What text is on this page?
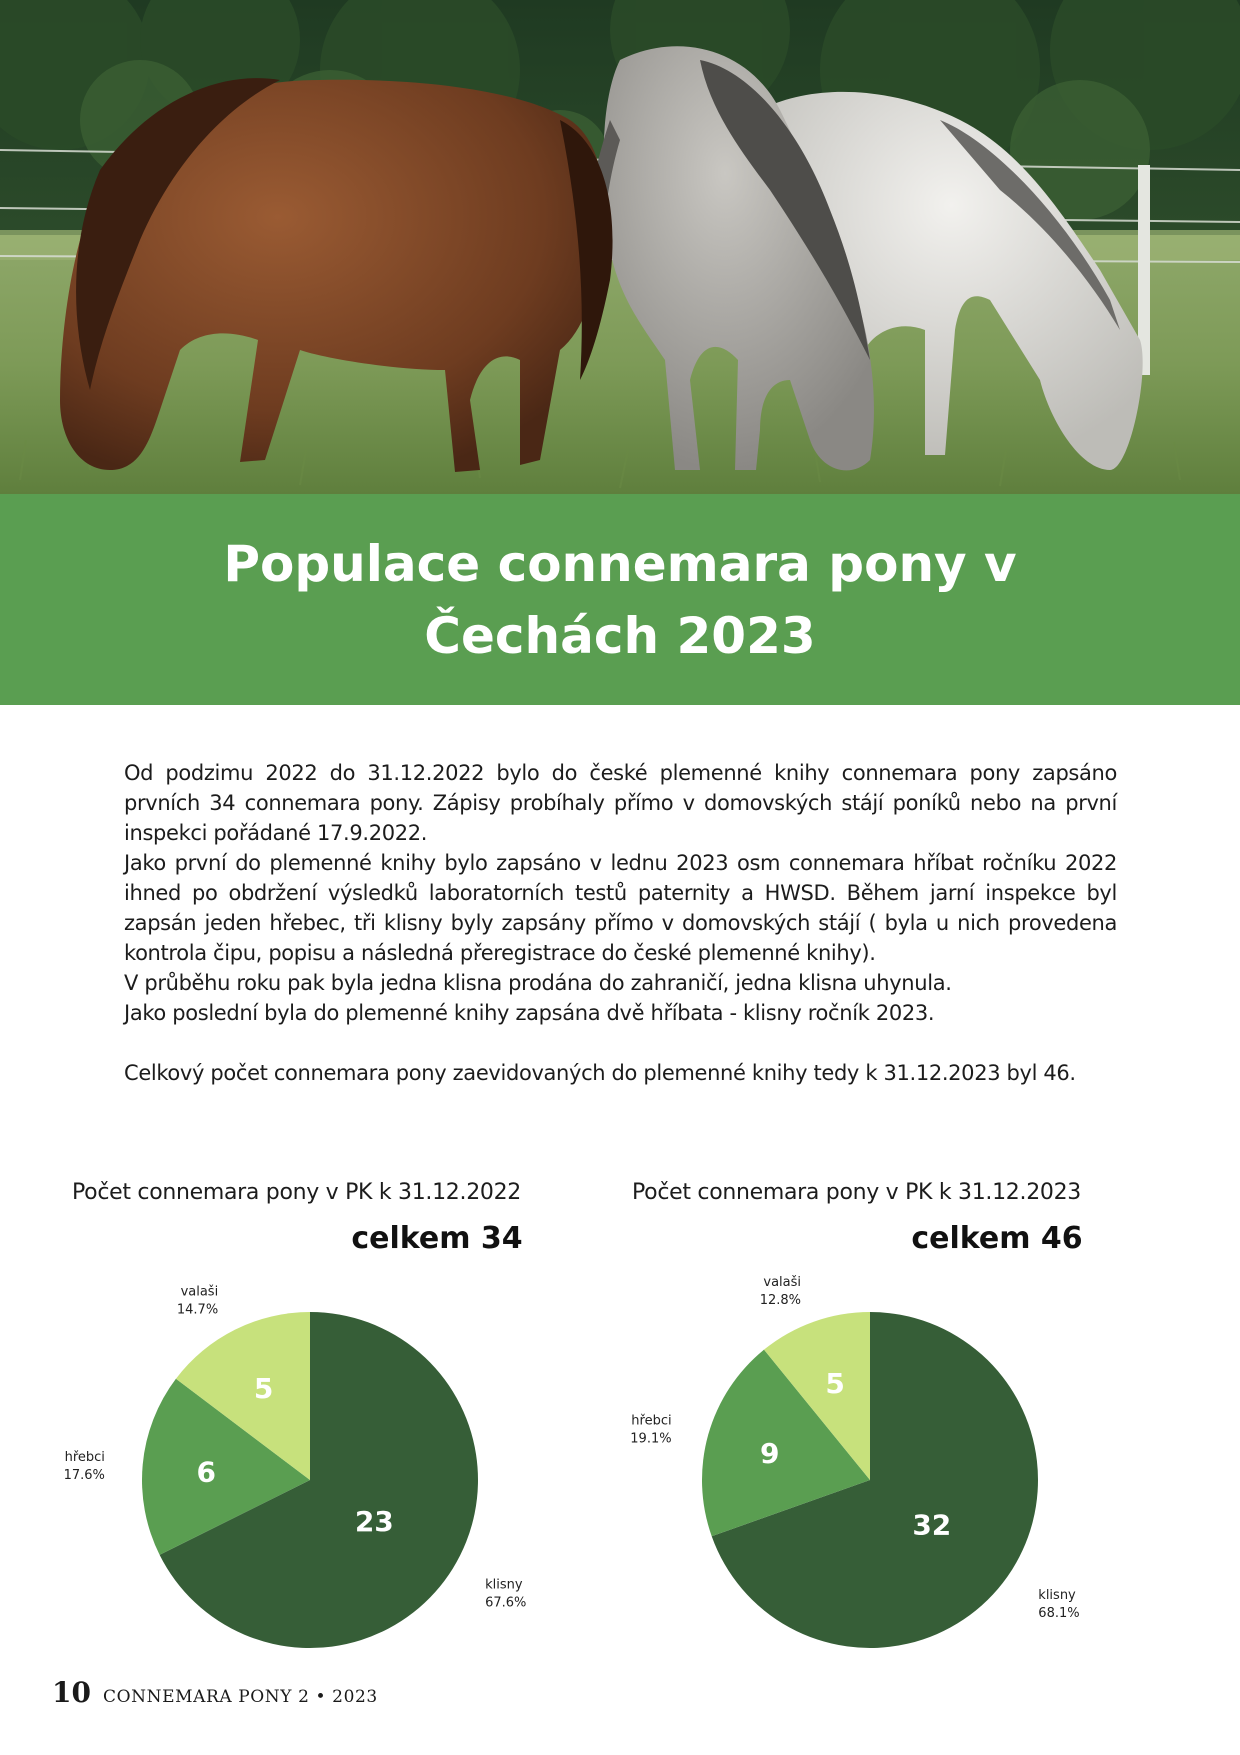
Populace connemara pony v Čechách 2023

Od podzimu 2022 do 31.12.2022 bylo do české plemenné knihy connemara pony zapsáno prvních 34 connemara pony. Zápisy probíhaly přímo v domovských stájí poníků nebo na první inspekci pořádané 17.9.2022.

Jako první do plemenné knihy bylo zapsáno v lednu 2023 osm connemara hříbat ročníku 2022 ihned po obdržení výsledků laboratorních testů paternity a HWSD. Během jarní inspekce byl zapsán jeden hřebec, tři klisny byly zapsány přímo v domovských stájí ( byla u nich provedena kontrola čipu, popisu a následná přeregistrace do české plemenné knihy).

V průběhu roku pak byla jedna klisna prodána do zahraničí, jedna klisna uhynula.

Jako poslední byla do plemenné knihy zapsána dvě hříbata - klisny ročník 2023.

Celkový počet connemara pony zaevidovaných do plemenné knihy tedy k 31.12.2023 byl 46.

Počet connemara pony v PK k 31.12.2022
23
klisny
67.6%
6
hřebci
17.6%
5
valaši
14.7%
celkem 34
Počet connemara pony v PK k 31.12.2023
32
klisny
68.1%
9
hřebci
19.1%
5
valaši
12.8%
celkem 46
10 CONNEMARA PONY 2 • 2023
